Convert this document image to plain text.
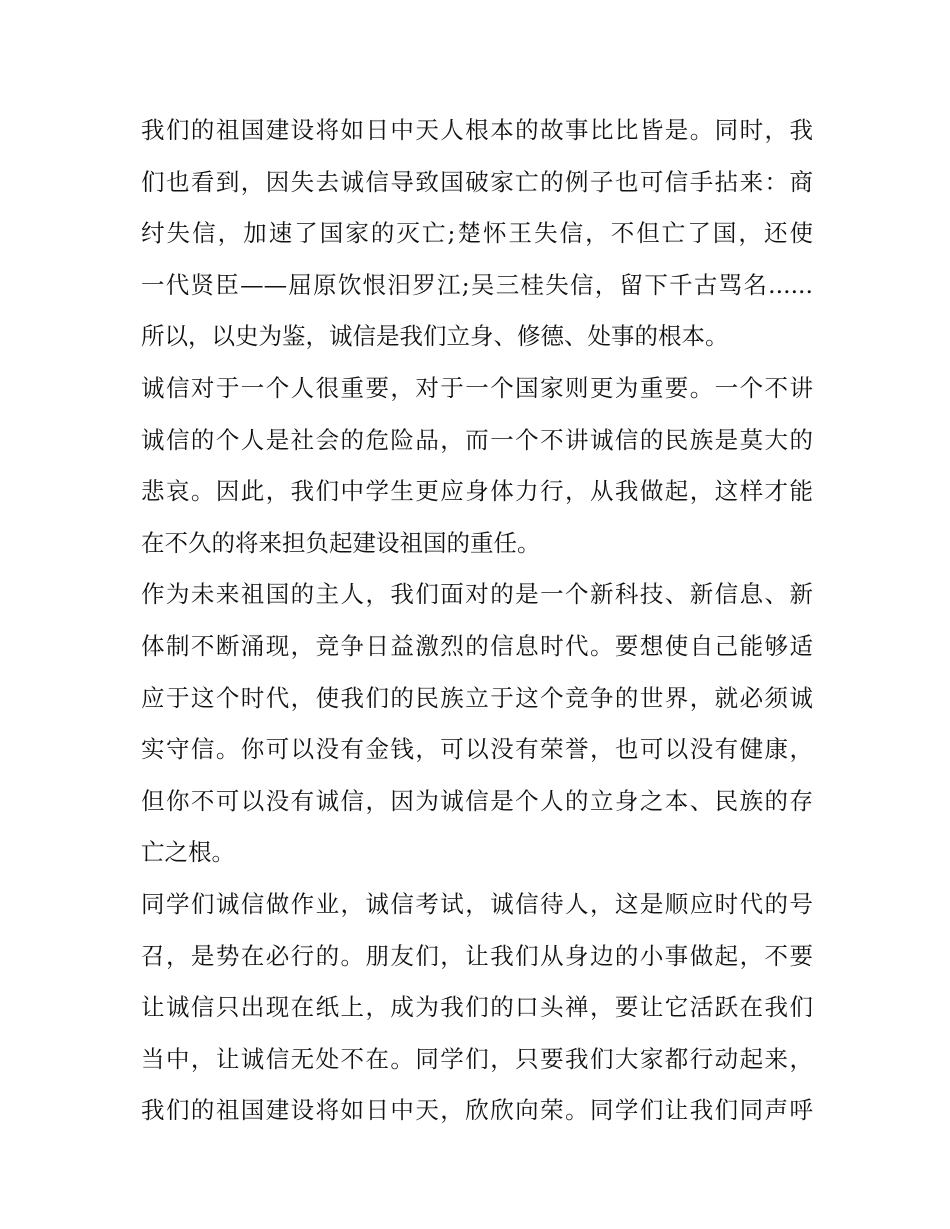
我们的祖国建设将如日中天人根本的故事比比皆是。同时，我
们也看到，因失去诚信导致国破家亡的例子也可信手拈来：商
纣失信，加速了国家的灭亡;楚怀王失信，不但亡了国，还使
一代贤臣——屈原饮恨汨罗江;吴三桂失信，留下千古骂名......
所以，以史为鉴，诚信是我们立身、修德、处事的根本。
诚信对于一个人很重要，对于一个国家则更为重要。一个不讲
诚信的个人是社会的危险品，而一个不讲诚信的民族是莫大的
悲哀。因此，我们中学生更应身体力行，从我做起，这样才能
在不久的将来担负起建设祖国的重任。
作为未来祖国的主人，我们面对的是一个新科技、新信息、新
体制不断涌现，竞争日益激烈的信息时代。要想使自己能够适
应于这个时代，使我们的民族立于这个竞争的世界，就必须诚
实守信。你可以没有金钱，可以没有荣誉，也可以没有健康，
但你不可以没有诚信，因为诚信是个人的立身之本、民族的存
亡之根。
同学们诚信做作业，诚信考试，诚信待人，这是顺应时代的号
召，是势在必行的。朋友们，让我们从身边的小事做起，不要
让诚信只出现在纸上，成为我们的口头禅，要让它活跃在我们
当中，让诚信无处不在。同学们，只要我们大家都行动起来，
我们的祖国建设将如日中天，欣欣向荣。同学们让我们同声呼
